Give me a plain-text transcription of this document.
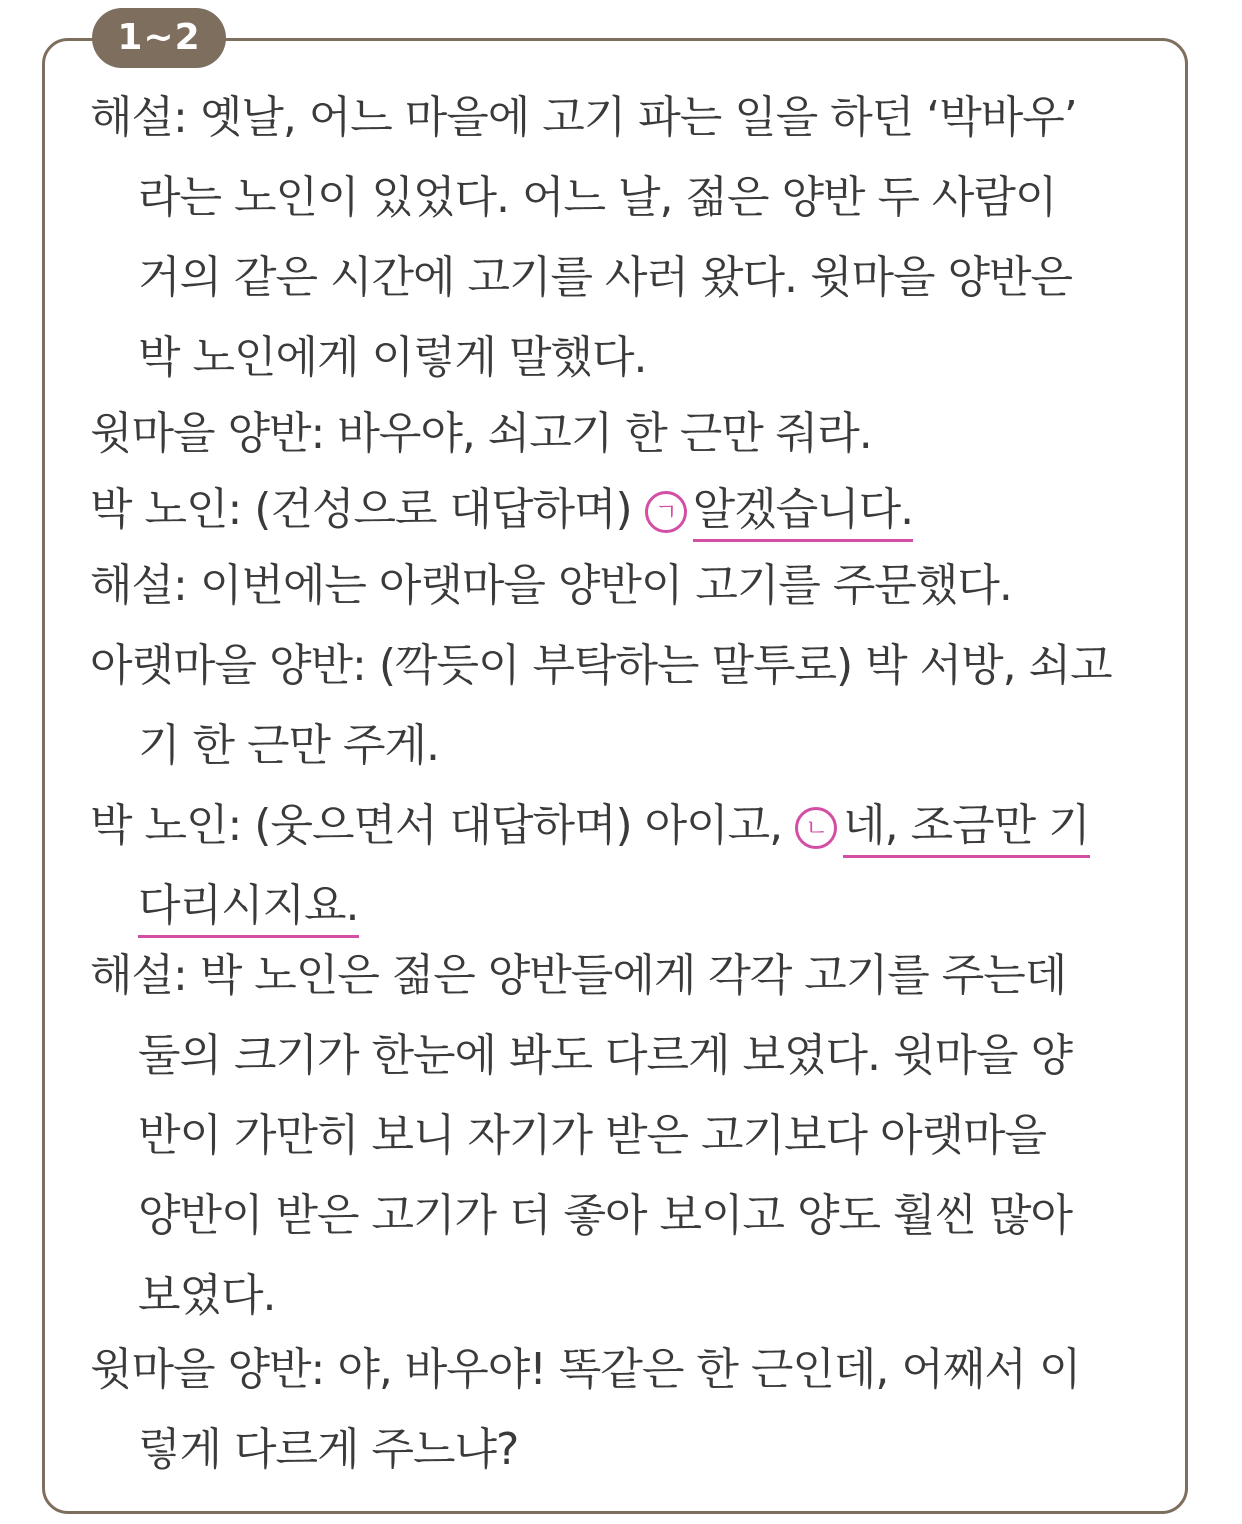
1~2
해설: 옛날, 어느 마을에 고기 파는 일을 하던 ‘박바우’
라는 노인이 있었다. 어느 날, 젊은 양반 두 사람이
거의 같은 시간에 고기를 사러 왔다. 윗마을 양반은
박 노인에게 이렇게 말했다.
윗마을 양반: 바우야, 쇠고기 한 근만 줘라.
박 노인: (건성으로 대답하며) ㄱ 알겠습니다.
해설: 이번에는 아랫마을 양반이 고기를 주문했다.
아랫마을 양반: (깍듯이 부탁하는 말투로) 박 서방, 쇠고
기 한 근만 주게.
박 노인: (웃으면서 대답하며) 아이고, ㄴ 네, 조금만 기
다리시지요.
해설: 박 노인은 젊은 양반들에게 각각 고기를 주는데
둘의 크기가 한눈에 봐도 다르게 보였다. 윗마을 양
반이 가만히 보니 자기가 받은 고기보다 아랫마을
양반이 받은 고기가 더 좋아 보이고 양도 훨씬 많아
보였다.
윗마을 양반: 야, 바우야! 똑같은 한 근인데, 어째서 이
렇게 다르게 주느냐?
